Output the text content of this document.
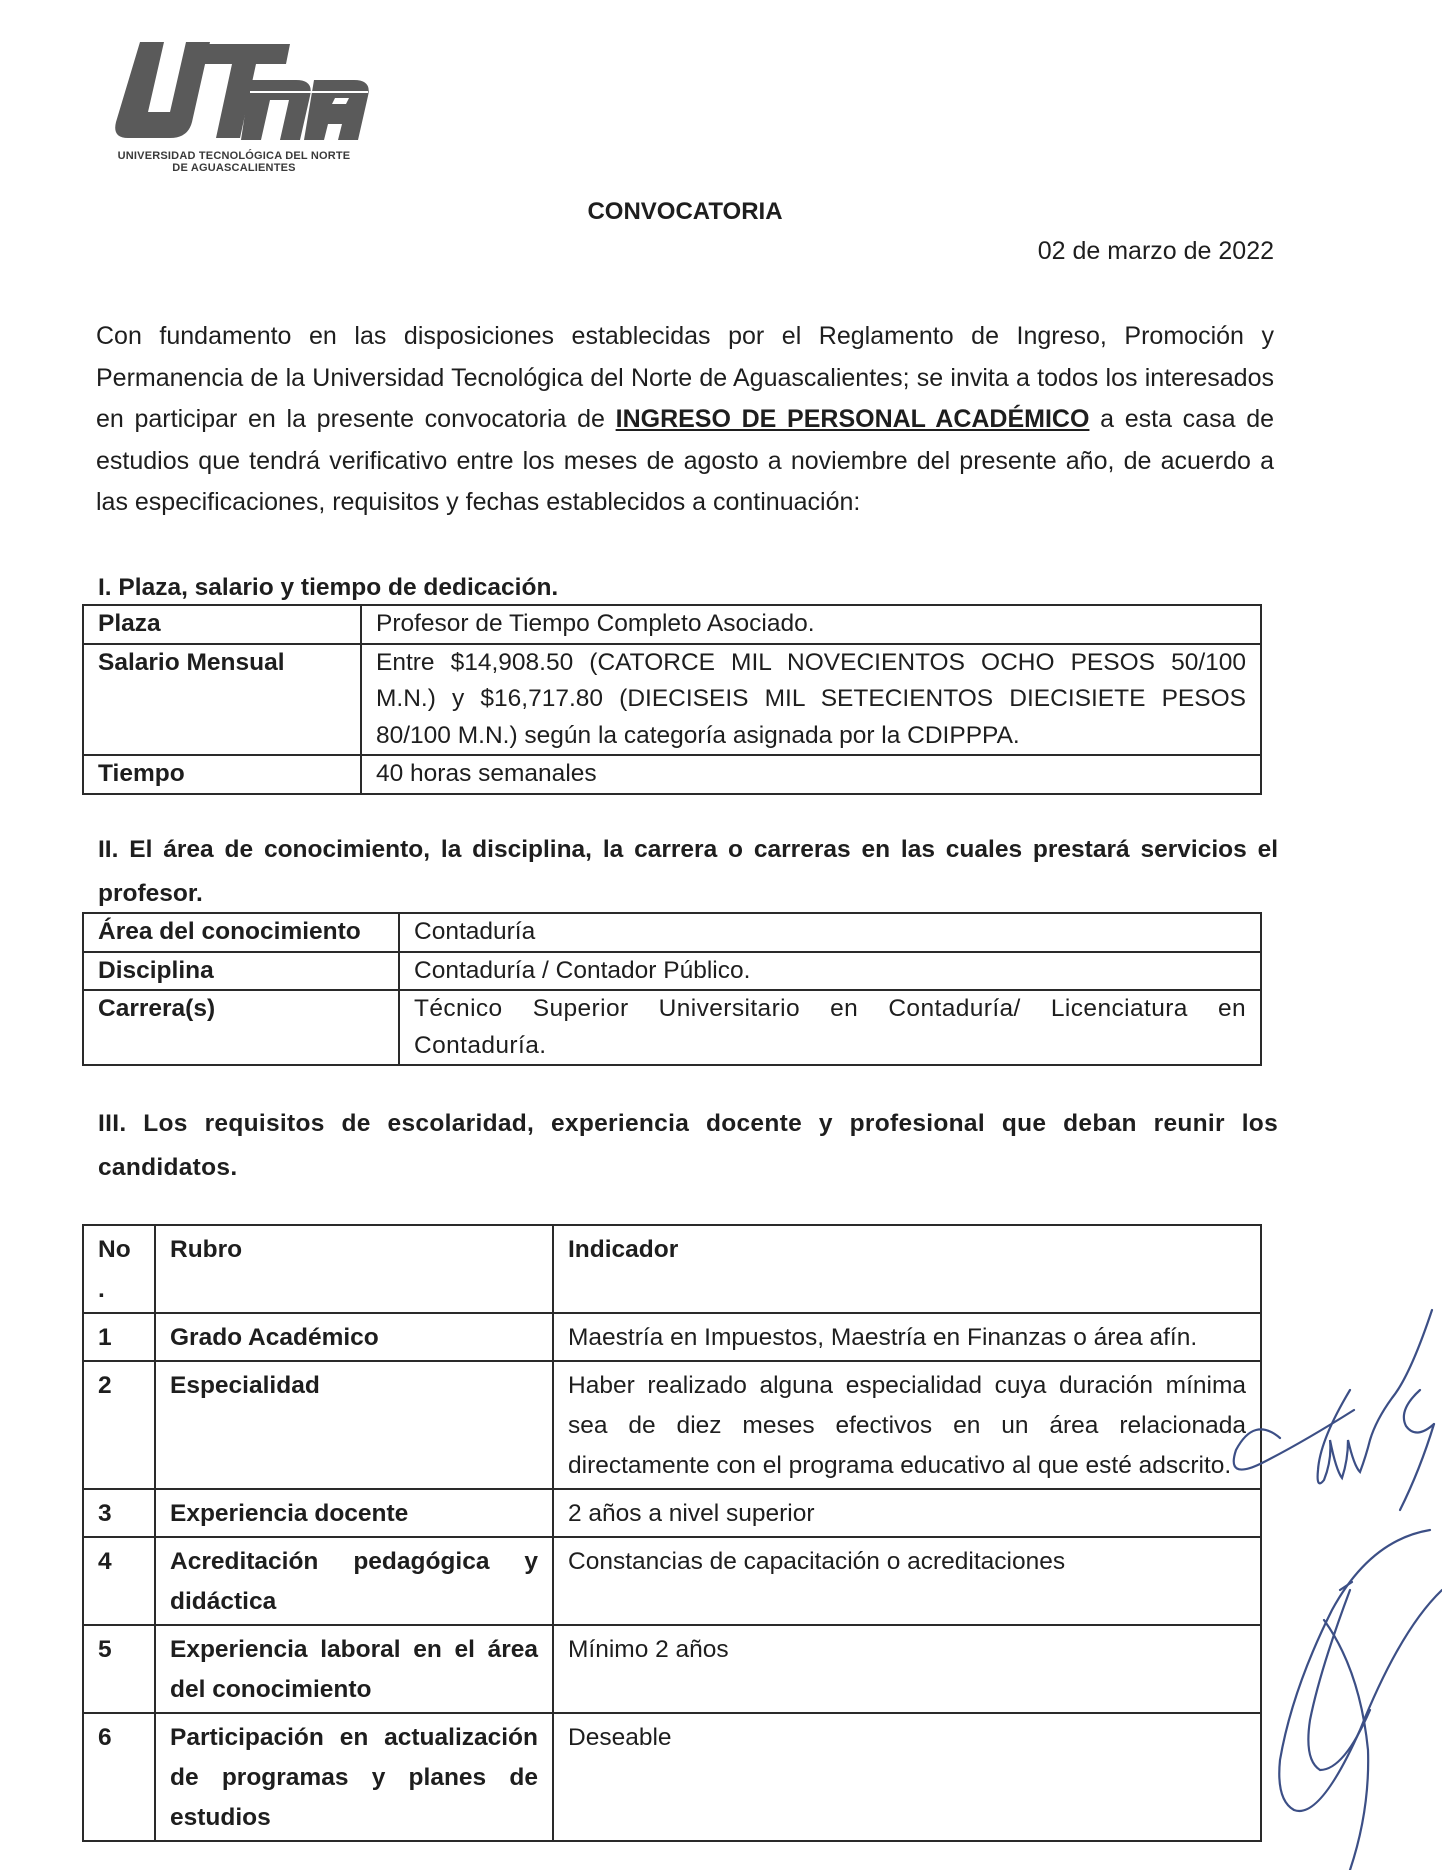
UNIVERSIDAD TECNOLÓGICA DEL NORTE
DE AGUASCALIENTES
CONVOCATORIA
02 de marzo de 2022
Con fundamento en las disposiciones establecidas por el Reglamento de Ingreso, Promoción y Permanencia de la Universidad Tecnológica del Norte de Aguascalientes; se invita a todos los interesados en participar en la presente convocatoria de INGRESO DE PERSONAL ACADÉMICO a esta casa de estudios que tendrá verificativo entre los meses de agosto a noviembre del presente año, de acuerdo a las especificaciones, requisitos y fechas establecidos a continuación:
I. Plaza, salario y tiempo de dedicación.
Plaza	Profesor de Tiempo Completo Asociado.
Salario Mensual	Entre $14,908.50 (CATORCE MIL NOVECIENTOS OCHO PESOS 50/100 M.N.) y $16,717.80 (DIECISEIS MIL SETECIENTOS DIECISIETE PESOS 80/100 M.N.) según la categoría asignada por la CDIPPPA.
Tiempo	40 horas semanales
II. El área de conocimiento, la disciplina, la carrera o carreras en las cuales prestará servicios el profesor.
Área del conocimiento	Contaduría
Disciplina	Contaduría / Contador Público.
Carrera(s)	Técnico Superior Universitario en Contaduría/ Licenciatura en Contaduría.
III. Los requisitos de escolaridad, experiencia docente y profesional que deban reunir los candidatos.
No .	Rubro	Indicador
1	Grado Académico	Maestría en Impuestos, Maestría en Finanzas o área afín.
2	Especialidad	Haber realizado alguna especialidad cuya duración mínima sea de diez meses efectivos en un área relacionada directamente con el programa educativo al que esté adscrito.
3	Experiencia docente	2 años a nivel superior
4	Acreditación pedagógica y didáctica	Constancias de capacitación o acreditaciones
5	Experiencia laboral en el área del conocimiento	Mínimo 2 años
6	Participación en actualización de programas y planes de estudios	Deseable
